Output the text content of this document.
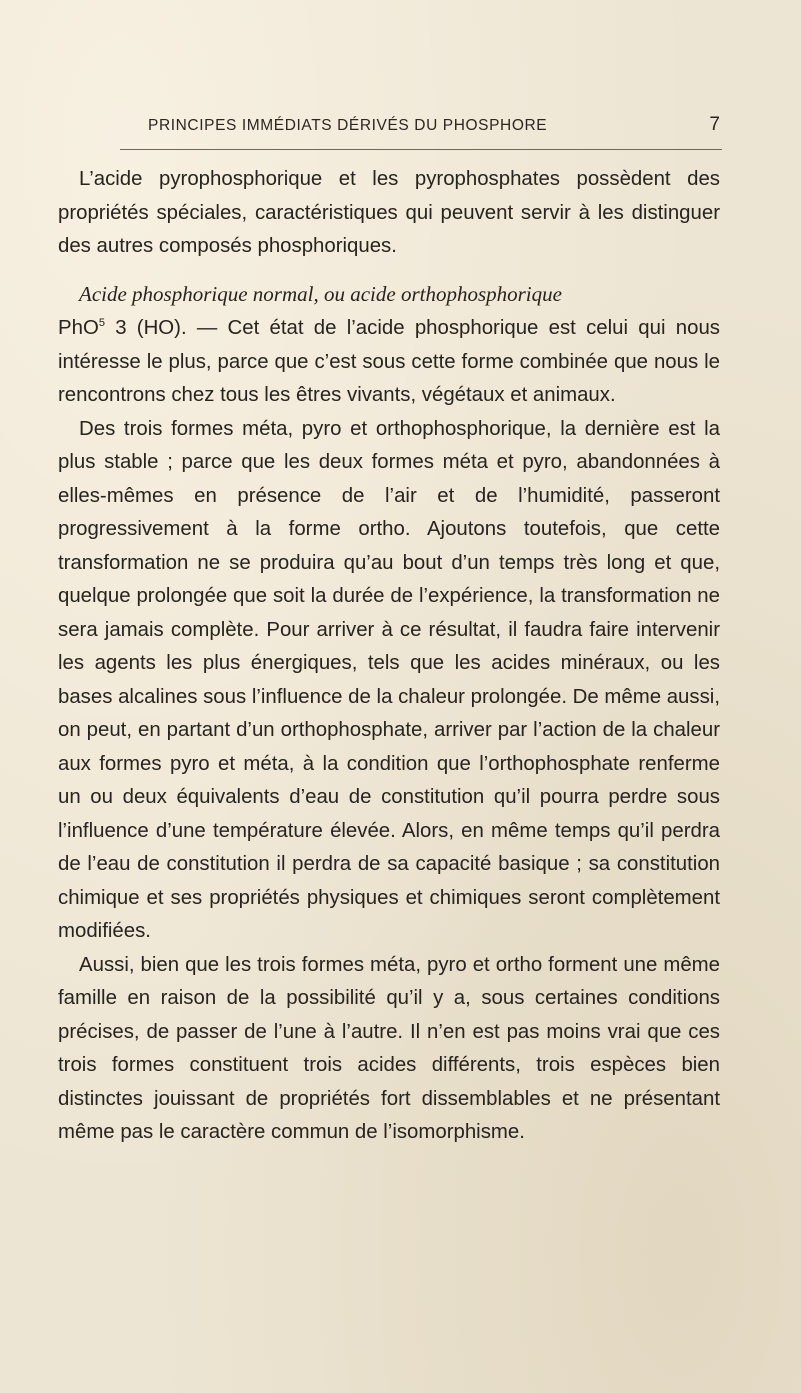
PRINCIPES IMMÉDIATS DÉRIVÉS DU PHOSPHORE	7

L’acide pyrophosphorique et les pyrophosphates possèdent des propriétés spéciales, caractéristiques qui peuvent servir à les distinguer des autres composés phosphoriques.

Acide phosphorique normal, ou acide orthophosphorique
PhO$^5$ 3 (HO). — Cet état de l’acide phosphorique est celui qui nous intéresse le plus, parce que c’est sous cette forme combinée que nous le rencontrons chez tous les êtres vivants, végétaux et animaux.

Des trois formes méta, pyro et orthophosphorique, la dernière est la plus stable ; parce que les deux formes méta et pyro, abandonnées à elles-mêmes en présence de l’air et de l’humidité, passeront progressivement à la forme ortho. Ajoutons toutefois, que cette transformation ne se produira qu’au bout d’un temps très long et que, quelque prolongée que soit la durée de l’expérience, la transformation ne sera jamais complète. Pour arriver à ce résultat, il faudra faire intervenir les agents les plus énergiques, tels que les acides minéraux, ou les bases alcalines sous l’influence de la chaleur prolongée. De même aussi, on peut, en partant d’un orthophosphate, arriver par l’action de la chaleur aux formes pyro et méta, à la condition que l’orthophosphate renferme un ou deux équivalents d’eau de constitution qu’il pourra perdre sous l’influence d’une température élevée. Alors, en même temps qu’il perdra de l’eau de constitution il perdra de sa capacité basique ; sa constitution chimique et ses propriétés physiques et chimiques seront complètement modifiées.

Aussi, bien que les trois formes méta, pyro et ortho forment une même famille en raison de la possibilité qu’il y a, sous certaines conditions précises, de passer de l’une à l’autre. Il n’en est pas moins vrai que ces trois formes constituent trois acides différents, trois espèces bien distinctes jouissant de propriétés fort dissemblables et ne présentant même pas le caractère commun de l’isomorphisme.
